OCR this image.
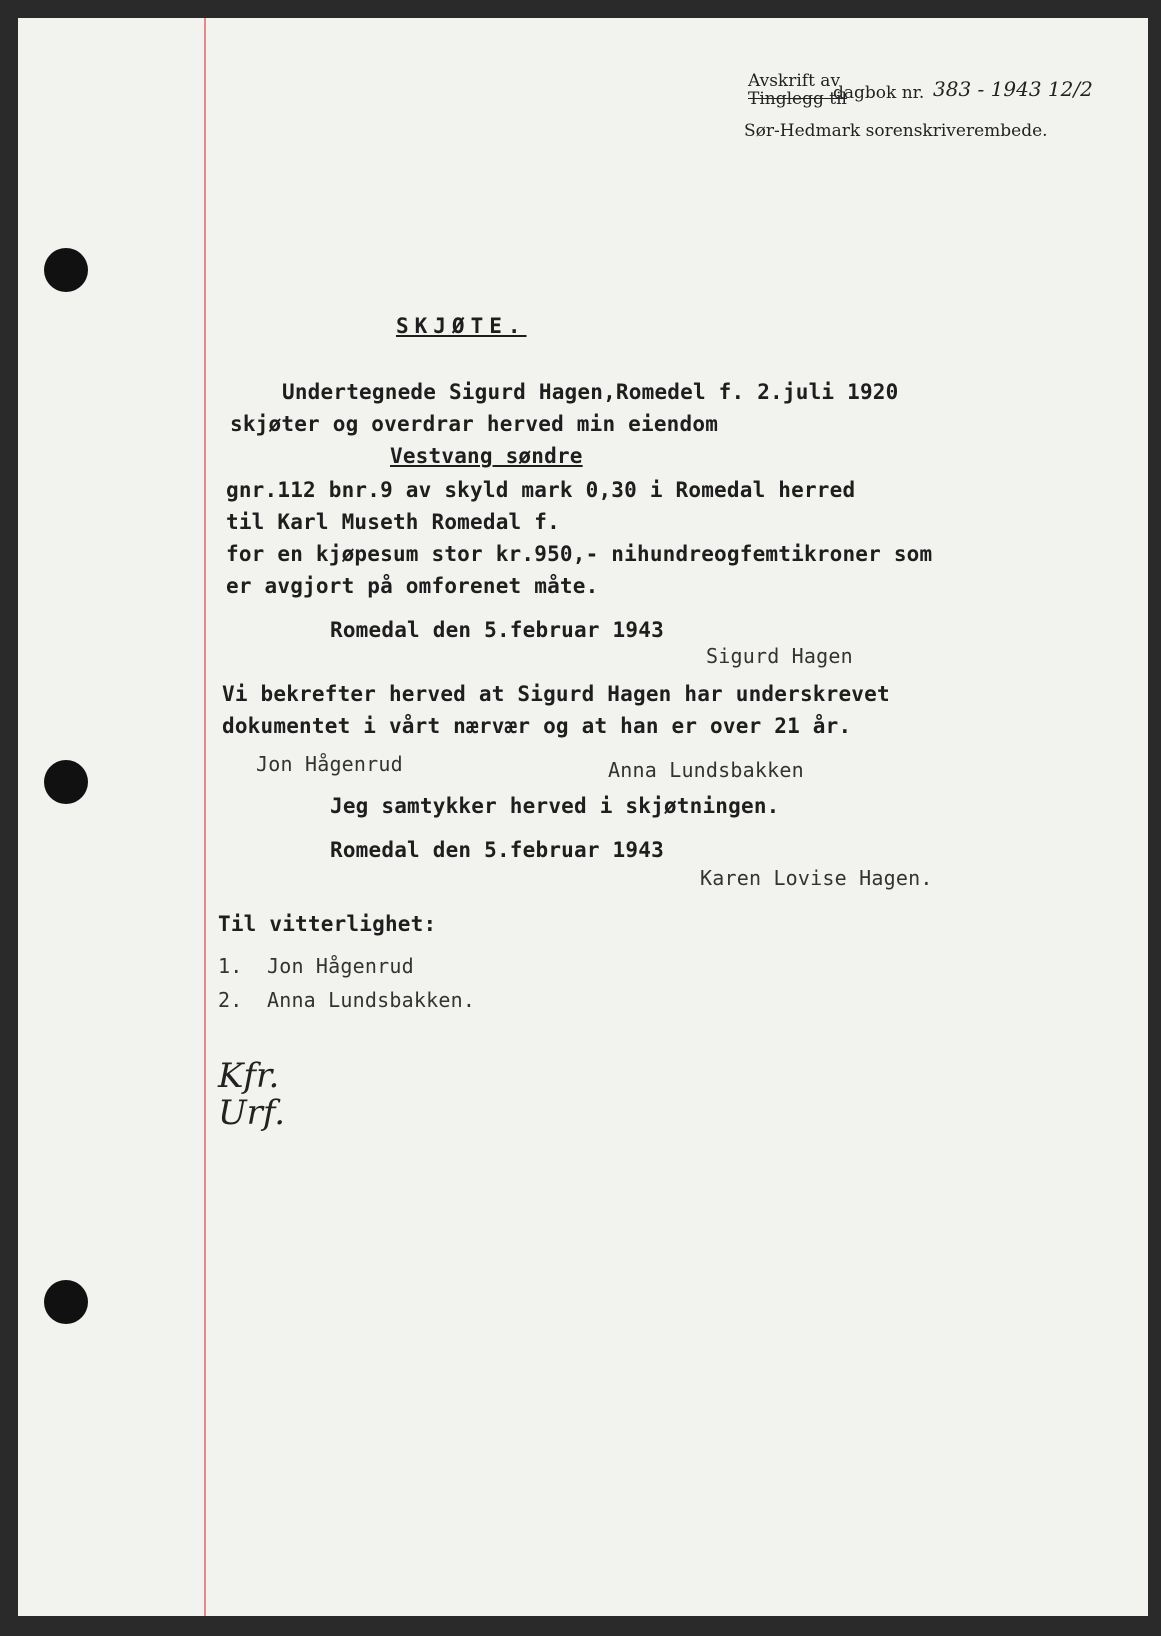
Avskrift av
Tinglegg til
dagbok nr. 383 - 1943 12/2
Sør-Hedmark sorenskriverembede.
SKJØTE.
Undertegnede Sigurd Hagen,Romedel f. 2.juli 1920
skjøter og overdrar herved min eiendom
Vestvang søndre
gnr.112 bnr.9 av skyld mark 0,30 i Romedal herred
til Karl Museth Romedal f.
for en kjøpesum stor kr.950,- nihundreogfemtikroner som
er avgjort på omforenet måte.
Romedal den 5.februar 1943
Sigurd Hagen
Vi bekrefter herved at Sigurd Hagen har underskrevet
dokumentet i vårt nærvær og at han er over 21 år.
Jon Hågenrud	Anna Lundsbakken
Jeg samtykker herved i skjøtningen.
Romedal den 5.februar 1943
Karen Lovise Hagen.
Til vitterlighet:
1.  Jon Hågenrud
2.  Anna Lundsbakken.
Kfr.
Urf.
